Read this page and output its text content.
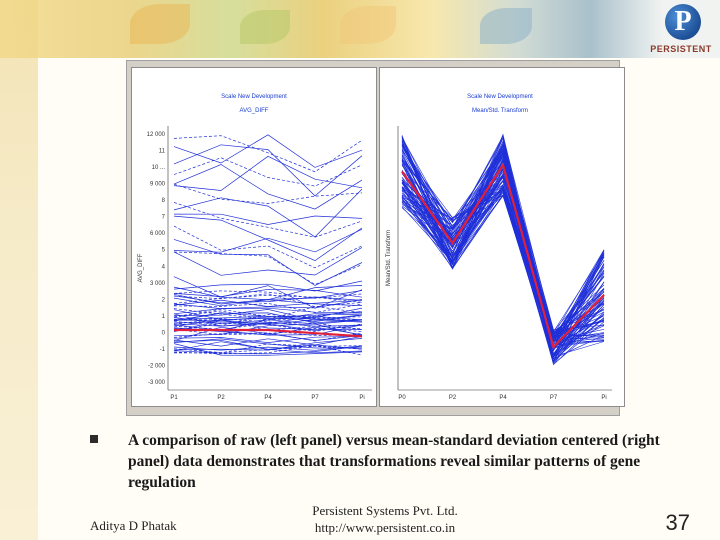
P
PERSISTENT
Scale New Development
AVG_DIFF
AVG_DIFF
12 000
11
10 ...
9 000
8
7
6 000
5
4
3 000
2
1
0
-1
-2 000
-3 000
P1	P2	P4	P7	Pi
Scale New Development
Mean/Std. Transform
Mean/Std. Transform
P0	P2	P4	P7	Pi
A comparison of raw (left panel) versus mean-standard deviation centered (right panel) data demonstrates that transformations reveal similar patterns of gene regulation
Aditya D Phatak
Persistent Systems Pvt. Ltd.
http://www.persistent.co.in	37
